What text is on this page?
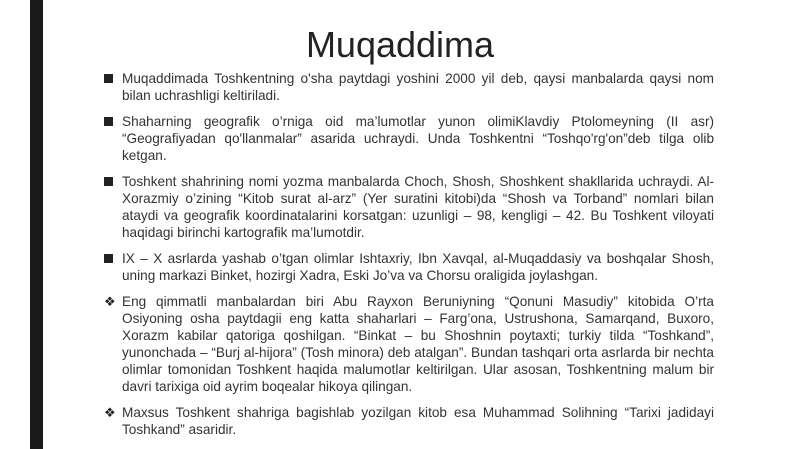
Muqaddima
Muqaddimada Toshkentning o'sha paytdagi yoshini 2000 yil deb, qaysi manbalarda qaysi nom bilan uchrashligi keltiriladi.
Shaharning geografik o’rniga oid ma’lumotlar yunon olimiKlavdiy Ptolomeyning (II asr) “Geografiyadan qo'llanmalar” asarida uchraydi. Unda Toshkentni “Toshqo'rg'on”deb tilga olib ketgan.
Toshkent shahrining nomi yozma manbalarda Choch, Shosh, Shoshkent shakllarida uchraydi. Al-Xorazmiy o’zining “Kitob surat al-arz” (Yer suratini kitobi)da “Shosh va Torband” nomlari bilan ataydi va geografik koordinatalarini korsatgan: uzunligi – 98, kengligi – 42. Bu Toshkent viloyati haqidagi birinchi kartografik ma’lumotdir.
IX – X asrlarda yashab o’tgan olimlar Ishtaxriy, Ibn Xavqal, al-Muqaddasiy va boshqalar Shosh, uning markazi Binket, hozirgi Xadra, Eski Jo’va va Chorsu oraligida joylashgan.
❖ Eng qimmatli manbalardan biri Abu Rayxon Beruniyning “Qonuni Masudiy” kitobida O’rta Osiyoning osha paytdagii eng katta shaharlari – Farg’ona, Ustrushona, Samarqand, Buxoro, Xorazm kabilar qatoriga qoshilgan. “Binkat – bu Shoshnin poytaxti; turkiy tilda “Toshkand”, yunonchada – “Burj al-hijora” (Tosh minora) deb atalgan”. Bundan tashqari orta asrlarda bir nechta olimlar tomonidan Toshkent haqida malumotlar keltirilgan. Ular asosan, Toshkentning malum bir davri tarixiga oid ayrim boqealar hikoya qilingan.
❖ Maxsus Toshkent shahriga bagishlab yozilgan kitob esa Muhammad Solihning “Tarixi jadidayi Toshkand” asaridir.
